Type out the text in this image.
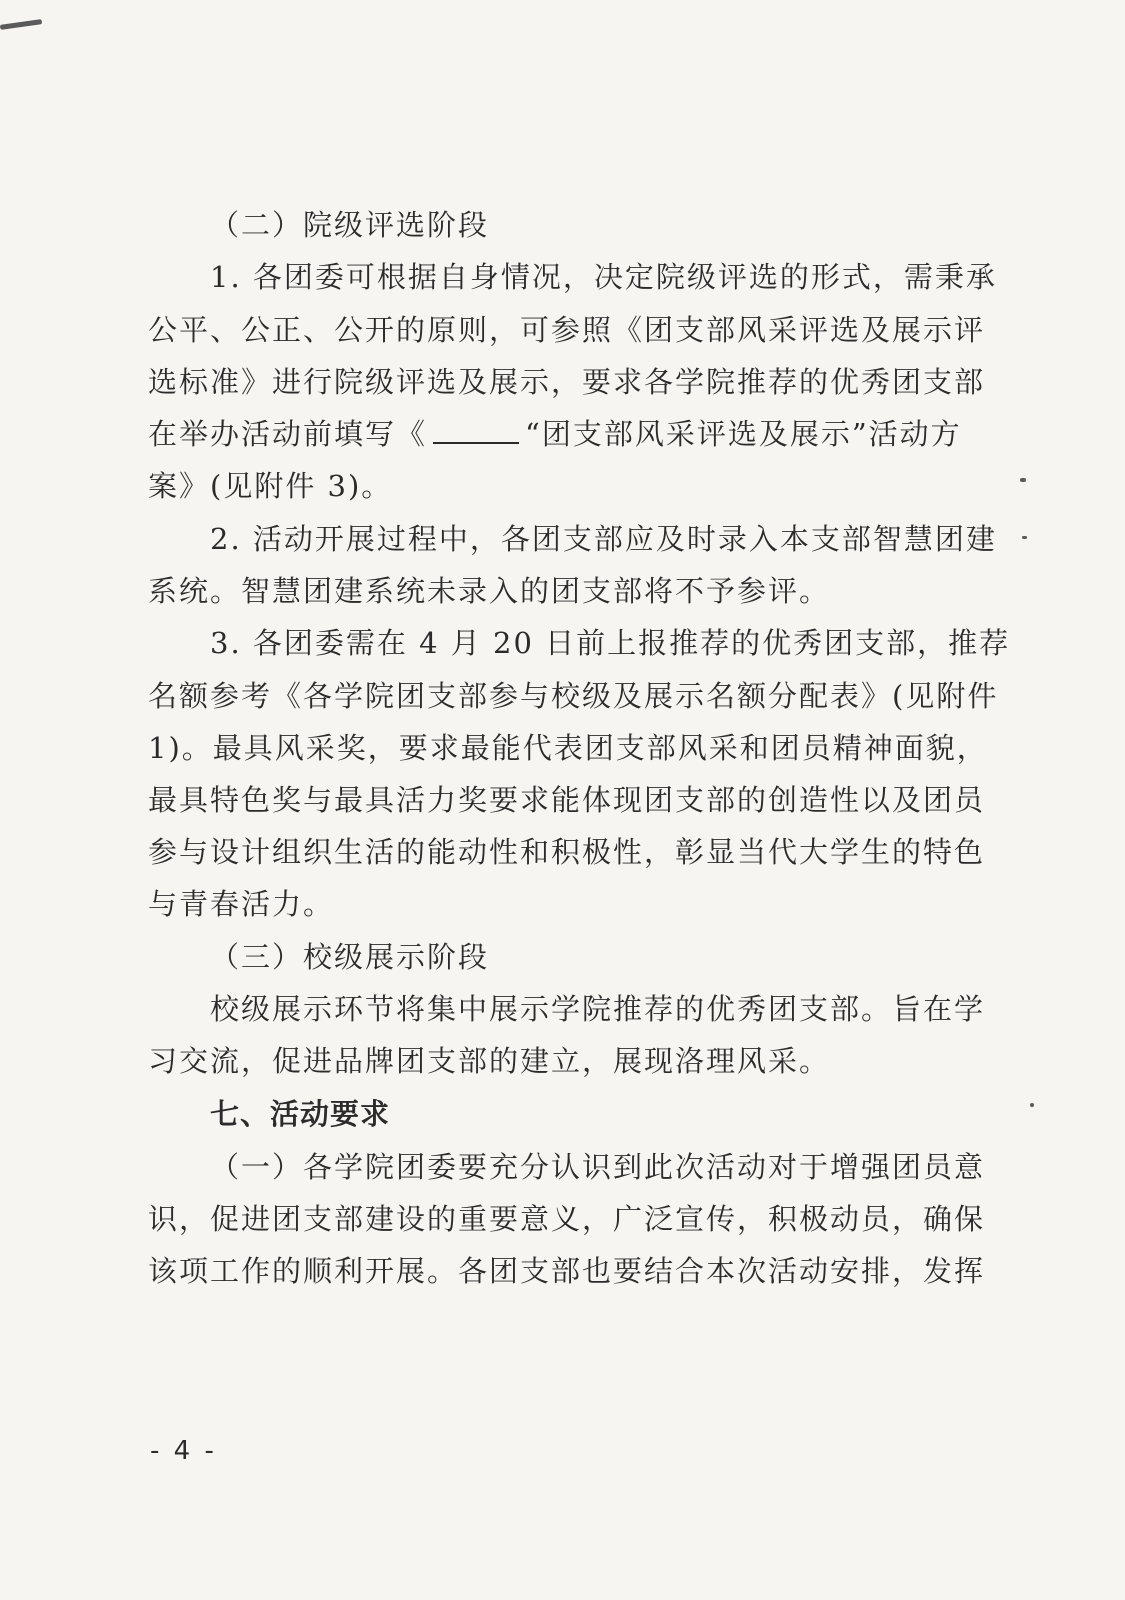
（二）院级评选阶段
1. 各团委可根据自身情况，决定院级评选的形式，需秉承
公平、公正、公开的原则，可参照《团支部风采评选及展示评
选标准》进行院级评选及展示，要求各学院推荐的优秀团支部
在举办活动前填写《	“团支部风采评选及展示”活动方
案》(见附件 3)。
2. 活动开展过程中，各团支部应及时录入本支部智慧团建
系统。智慧团建系统未录入的团支部将不予参评。
3. 各团委需在 4 月 20 日前上报推荐的优秀团支部，推荐
名额参考《各学院团支部参与校级及展示名额分配表》(见附件
1)。最具风采奖，要求最能代表团支部风采和团员精神面貌，
最具特色奖与最具活力奖要求能体现团支部的创造性以及团员
参与设计组织生活的能动性和积极性，彰显当代大学生的特色
与青春活力。
（三）校级展示阶段
校级展示环节将集中展示学院推荐的优秀团支部。旨在学
习交流，促进品牌团支部的建立，展现洛理风采。
七、活动要求
（一）各学院团委要充分认识到此次活动对于增强团员意
识，促进团支部建设的重要意义，广泛宣传，积极动员，确保
该项工作的顺利开展。各团支部也要结合本次活动安排，发挥
- 4 -
